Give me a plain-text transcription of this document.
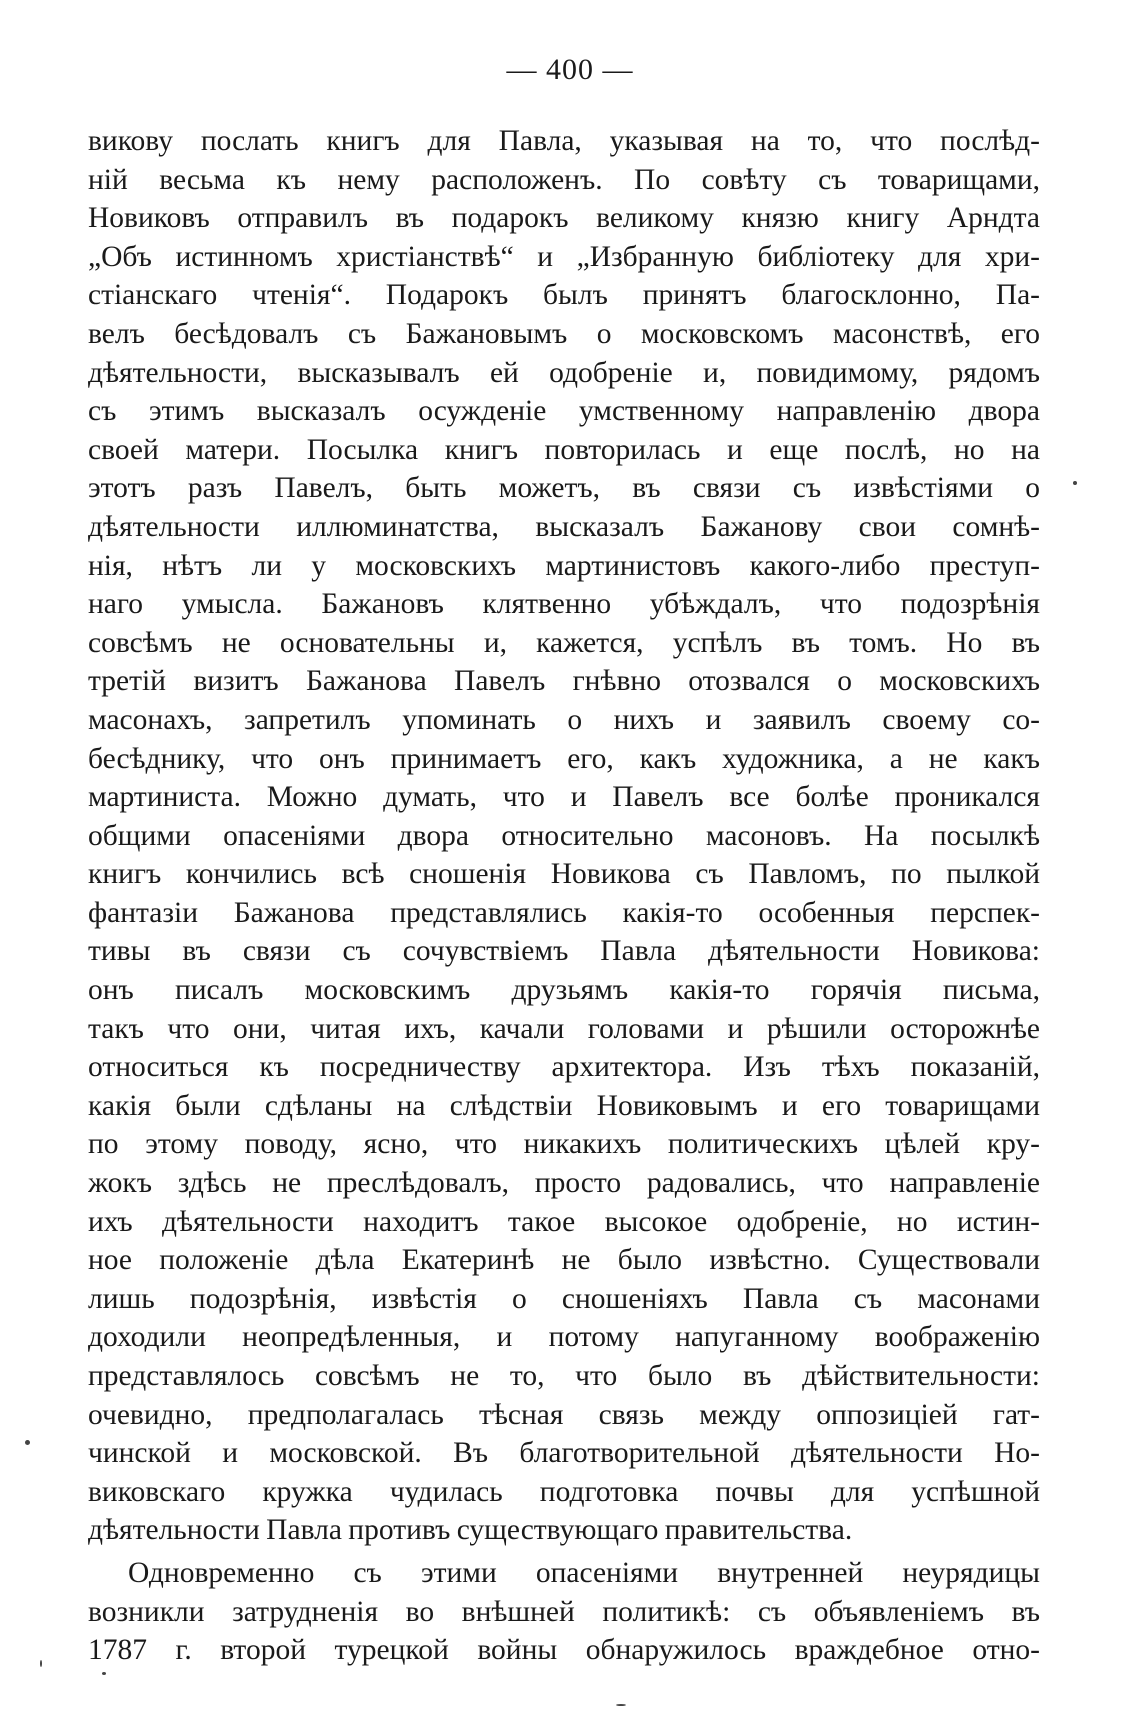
— 400 —
викову послать книгъ для Павла, указывая на то, что послѣд-
ній весьма къ нему расположенъ. По совѣту съ товарищами,
Новиковъ отправилъ въ подарокъ великому князю книгу Арндта
„Объ истинномъ христіанствѣ“ и „Избранную библіотеку для хри-
стіанскаго чтенія“. Подарокъ былъ принятъ благосклонно, Па-
велъ бесѣдовалъ съ Бажановымъ о московскомъ масонствѣ, его
дѣятельности, высказывалъ ей одобреніе и, повидимому, рядомъ
съ этимъ высказалъ осужденіе умственному направленію двора
своей матери. Посылка книгъ повторилась и еще послѣ, но на
этотъ разъ Павелъ, быть можетъ, въ связи съ извѣстіями о
дѣятельности иллюминатства, высказалъ Бажанову свои сомнѣ-
нія, нѣтъ ли у московскихъ мартинистовъ какого-либо преступ-
наго умысла. Бажановъ клятвенно убѣждалъ, что подозрѣнія
совсѣмъ не основательны и, кажется, успѣлъ въ томъ. Но въ
третій визитъ Бажанова Павелъ гнѣвно отозвался о московскихъ
масонахъ, запретилъ упоминать о нихъ и заявилъ своему со-
бесѣднику, что онъ принимаетъ его, какъ художника, а не какъ
мартиниста. Можно думать, что и Павелъ все болѣе проникался
общими опасеніями двора относительно масоновъ. На посылкѣ
книгъ кончились всѣ сношенія Новикова съ Павломъ, по пылкой
фантазіи Бажанова представлялись какія-то особенныя перспек-
тивы въ связи съ сочувствіемъ Павла дѣятельности Новикова:
онъ писалъ московскимъ друзьямъ какія-то горячія письма,
такъ что они, читая ихъ, качали головами и рѣшили осторожнѣе
относиться къ посредничеству архитектора. Изъ тѣхъ показаній,
какія были сдѣланы на слѣдствіи Новиковымъ и его товарищами
по этому поводу, ясно, что никакихъ политическихъ цѣлей кру-
жокъ здѣсь не преслѣдовалъ, просто радовались, что направленіе
ихъ дѣятельности находитъ такое высокое одобреніе, но истин-
ное положеніе дѣла Екатеринѣ не было извѣстно. Существовали
лишь подозрѣнія, извѣстія о сношеніяхъ Павла съ масонами
доходили неопредѣленныя, и потому напуганному воображенію
представлялось совсѣмъ не то, что было въ дѣйствительности:
очевидно, предполагалась тѣсная связь между оппозиціей гат-
чинской и московской. Въ благотворительной дѣятельности Но-
виковскаго кружка чудилась подготовка почвы для успѣшной
дѣятельности Павла противъ существующаго правительства.
Одновременно съ этими опасеніями внутренней неурядицы
возникли затрудненія во внѣшней политикѣ: съ объявленіемъ въ
1787 г. второй турецкой войны обнаружилось враждебное отно-
